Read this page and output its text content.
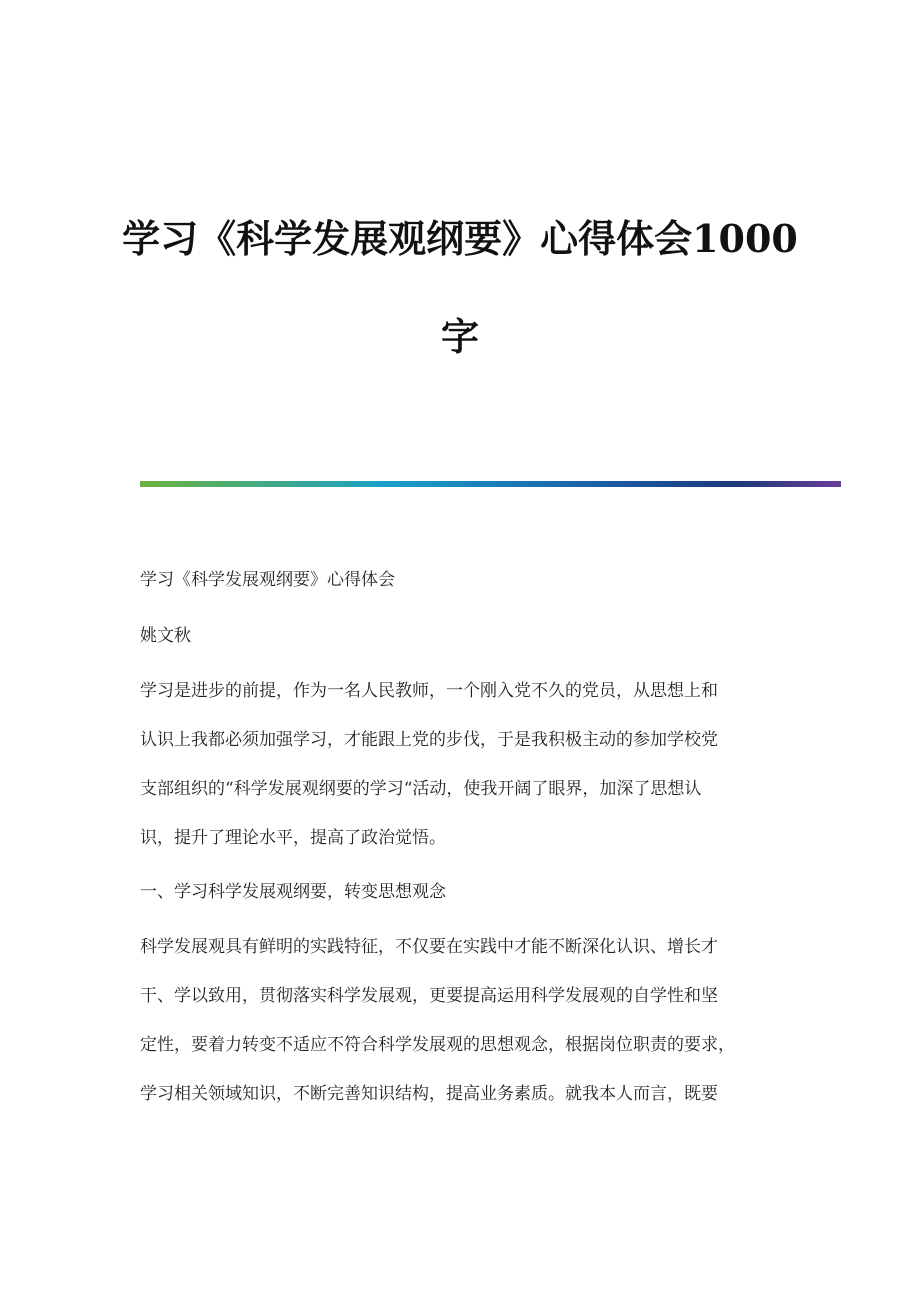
学习《科学发展观纲要》心得体会1000
字
学习《科学发展观纲要》心得体会
姚文秋
学习是进步的前提，作为一名人民教师，一个刚入党不久的党员，从思想上和
认识上我都必须加强学习，才能跟上党的步伐，于是我积极主动的参加学校党
支部组织的“科学发展观纲要的学习“活动，使我开阔了眼界，加深了思想认
识，提升了理论水平，提高了政治觉悟。
一、学习科学发展观纲要，转变思想观念
科学发展观具有鲜明的实践特征，不仅要在实践中才能不断深化认识、增长才
干、学以致用，贯彻落实科学发展观，更要提高运用科学发展观的自学性和坚
定性，要着力转变不适应不符合科学发展观的思想观念，根据岗位职责的要求，
学习相关领域知识，不断完善知识结构，提高业务素质。就我本人而言，既要
